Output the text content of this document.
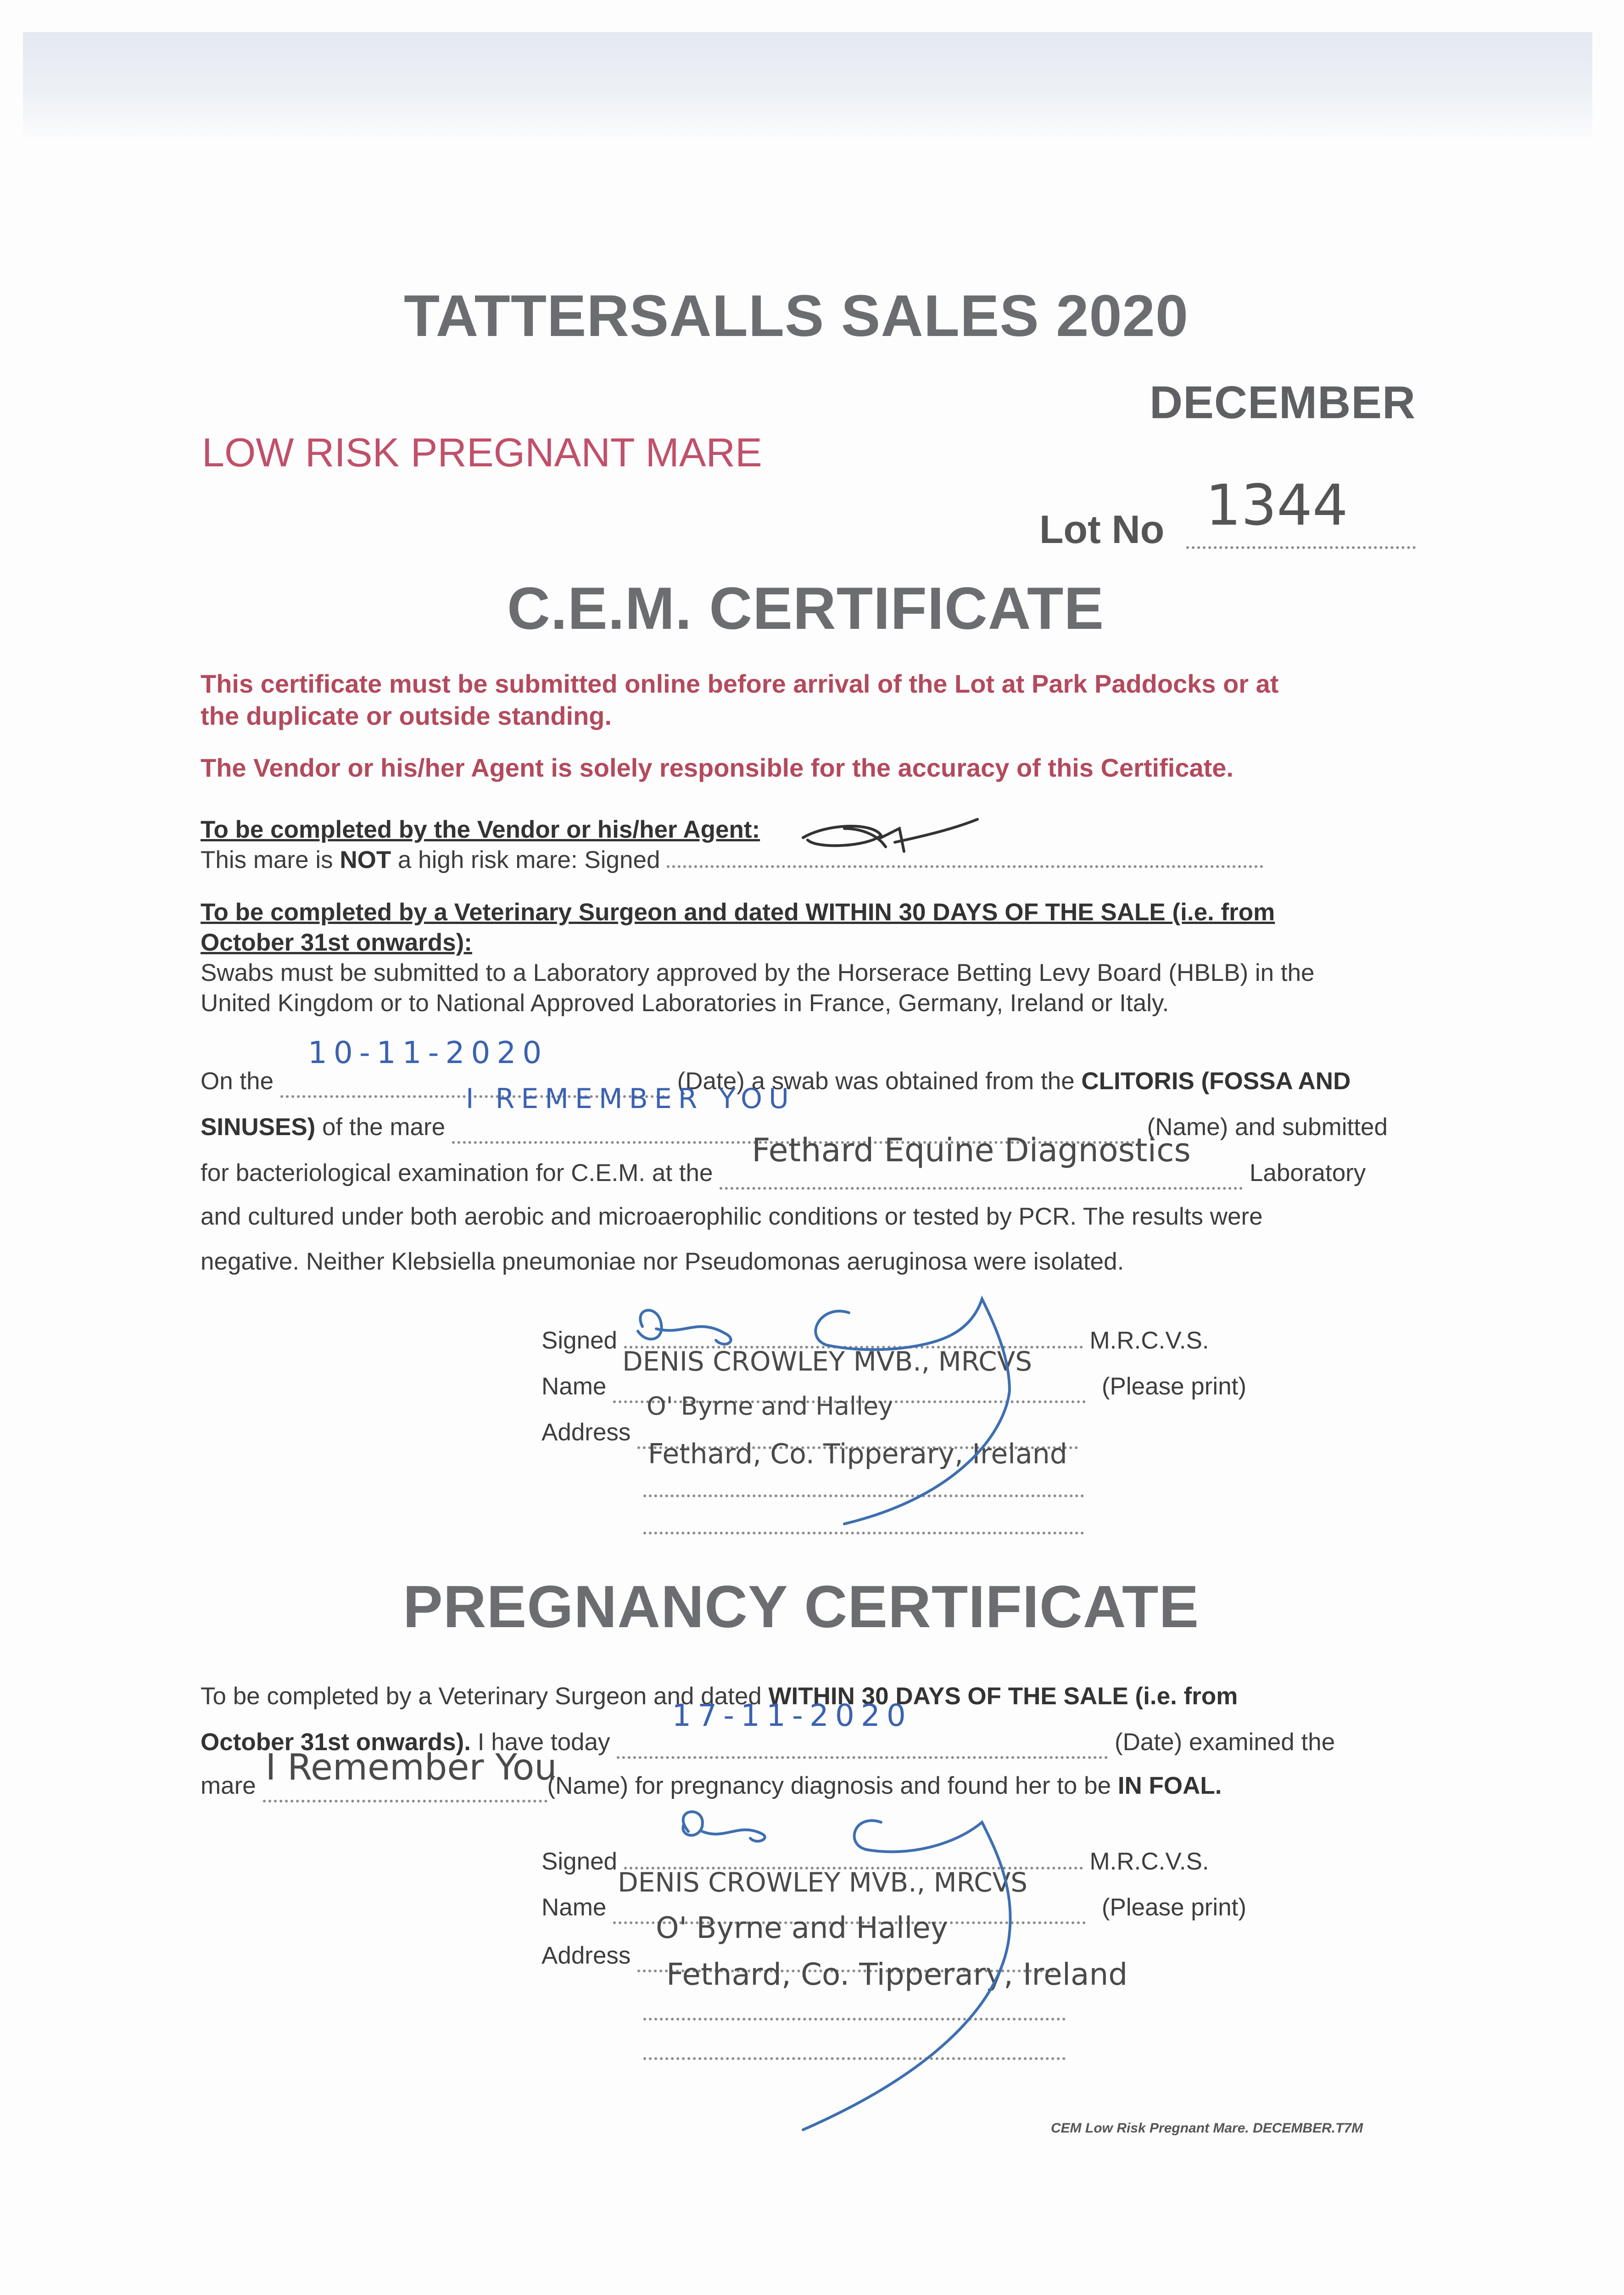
TATTERSALLS SALES 2020
DECEMBER
LOW RISK PREGNANT MARE
Lot No 1344
C.E.M. CERTIFICATE
This certificate must be submitted online before arrival of the Lot at Park Paddocks or at
the duplicate or outside standing.
The Vendor or his/her Agent is solely responsible for the accuracy of this Certificate.
To be completed by the Vendor or his/her Agent:
This mare is NOT a high risk mare: Signed
To be completed by a Veterinary Surgeon and dated WITHIN 30 DAYS OF THE SALE (i.e. from
October 31st onwards):
Swabs must be submitted to a Laboratory approved by the Horserace Betting Levy Board (HBLB) in the
United Kingdom or to National Approved Laboratories in France, Germany, Ireland or Italy.
On the
10-11-2020
(Date) a swab was obtained from the CLITORIS (FOSSA AND
SINUSES) of the mare
I REMEMBER YOU
(Name) and submitted
for bacteriological examination for C.E.M. at the
Fethard Equine Diagnostics
Laboratory
and cultured under both aerobic and microaerophilic conditions or tested by PCR. The results were
negative. Neither Klebsiella pneumoniae nor Pseudomonas aeruginosa were isolated.
Signed	M.R.C.V.S.
Name
DENIS CROWLEY MVB., MRCVS
(Please print)
Address
O' Byrne and Halley

Fethard, Co. Tipperary, Ireland

PREGNANCY CERTIFICATE
To be completed by a Veterinary Surgeon and dated WITHIN 30 DAYS OF THE SALE (i.e. from
October 31st onwards). I have today
17-11-2020
(Date) examined the
mare I Remember You
(Name) for pregnancy diagnosis and found her to be IN FOAL.
Signed	M.R.C.V.S.
Name
DENIS CROWLEY MVB., MRCVS
(Please print)
Address
O' Byrne and Halley

Fethard, Co. Tipperary, Ireland

CEM Low Risk Pregnant Mare. DECEMBER.T7M
